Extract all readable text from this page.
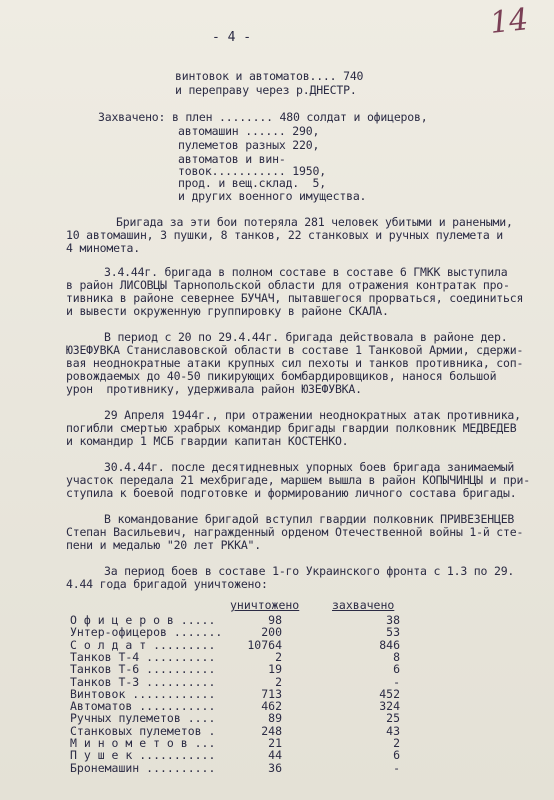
14
- 4 -
винтовок и автоматов.... 740
и переправу через р.ДНЕСТР.
Захвачено: в плен ........ 480 солдат и офицеров,
автомашин ...... 290,
пулеметов разных 220,
автоматов и вин-
товок........... 1950,
прод. и вещ.склад.  5,
и других военного имущества.
Бригада за эти бои потеряла 281 человек убитыми и ранеными,
10 автомашин, 3 пушки, 8 танков, 22 станковых и ручных пулемета и
4 миномета.
3.4.44г. бригада в полном составе в составе 6 ГМКК выступила
в район ЛИСОВЦЫ Тарнопольской области для отражения контратак про-
тивника в районе севернее БУЧАЧ, пытавшегося прорваться, соединиться
и вывести окруженную группировку в районе СКАЛА.
В период с 20 по 29.4.44г. бригада действовала в районе дер.
ЮЗЕФУВКА Станиславовской области в составе 1 Танковой Армии, сдержи-
вая неоднократные атаки крупных сил пехоты и танков противника, соп-
ровождаемых до 40-50 пикирующих бомбардировщиков, нанося большой
урон  противнику, удерживала район ЮЗЕФУВКА.
29 Апреля 1944г., при отражении неоднократных атак противника,
погибли смертью храбрых командир бригады гвардии полковник МЕДВЕДЕВ
и командир 1 МСБ гвардии капитан КОСТЕНКО.
30.4.44г. после десятидневных упорных боев бригада занимаемый
участок передала 21 мехбригаде, маршем вышла в район КОПЫЧИНЦЫ и при-
ступила к боевой подготовке и формированию личного состава бригады.
В командование бригадой вступил гвардии полковник ПРИВЕЗЕНЦЕВ
Степан Васильевич, награжденный орденом Отечественной войны 1-й сте-
пени и медалью "20 лет РККА".
За период боев в составе 1-го Украинского фронта с 1.3 по 29.
4.44 года бригадой уничтожено:
уничтожено	захвачено
О ф и ц е р о в .....	98	38
Унтер-офицеров .......	200	53
С о л д а т .........	10764	846
Танков Т-4 ..........	2	8
Танков Т-6 ..........	19	6
Танков Т-3 ..........	2	-
Винтовок ............	713	452
Автоматов ...........	462	324
Ручных пулеметов ....	89	25
Станковых пулеметов .	248	43
М и н о м е т о в ...	21	2
П у ш е к ...........	44	6
Бронемашин ..........	36	-
